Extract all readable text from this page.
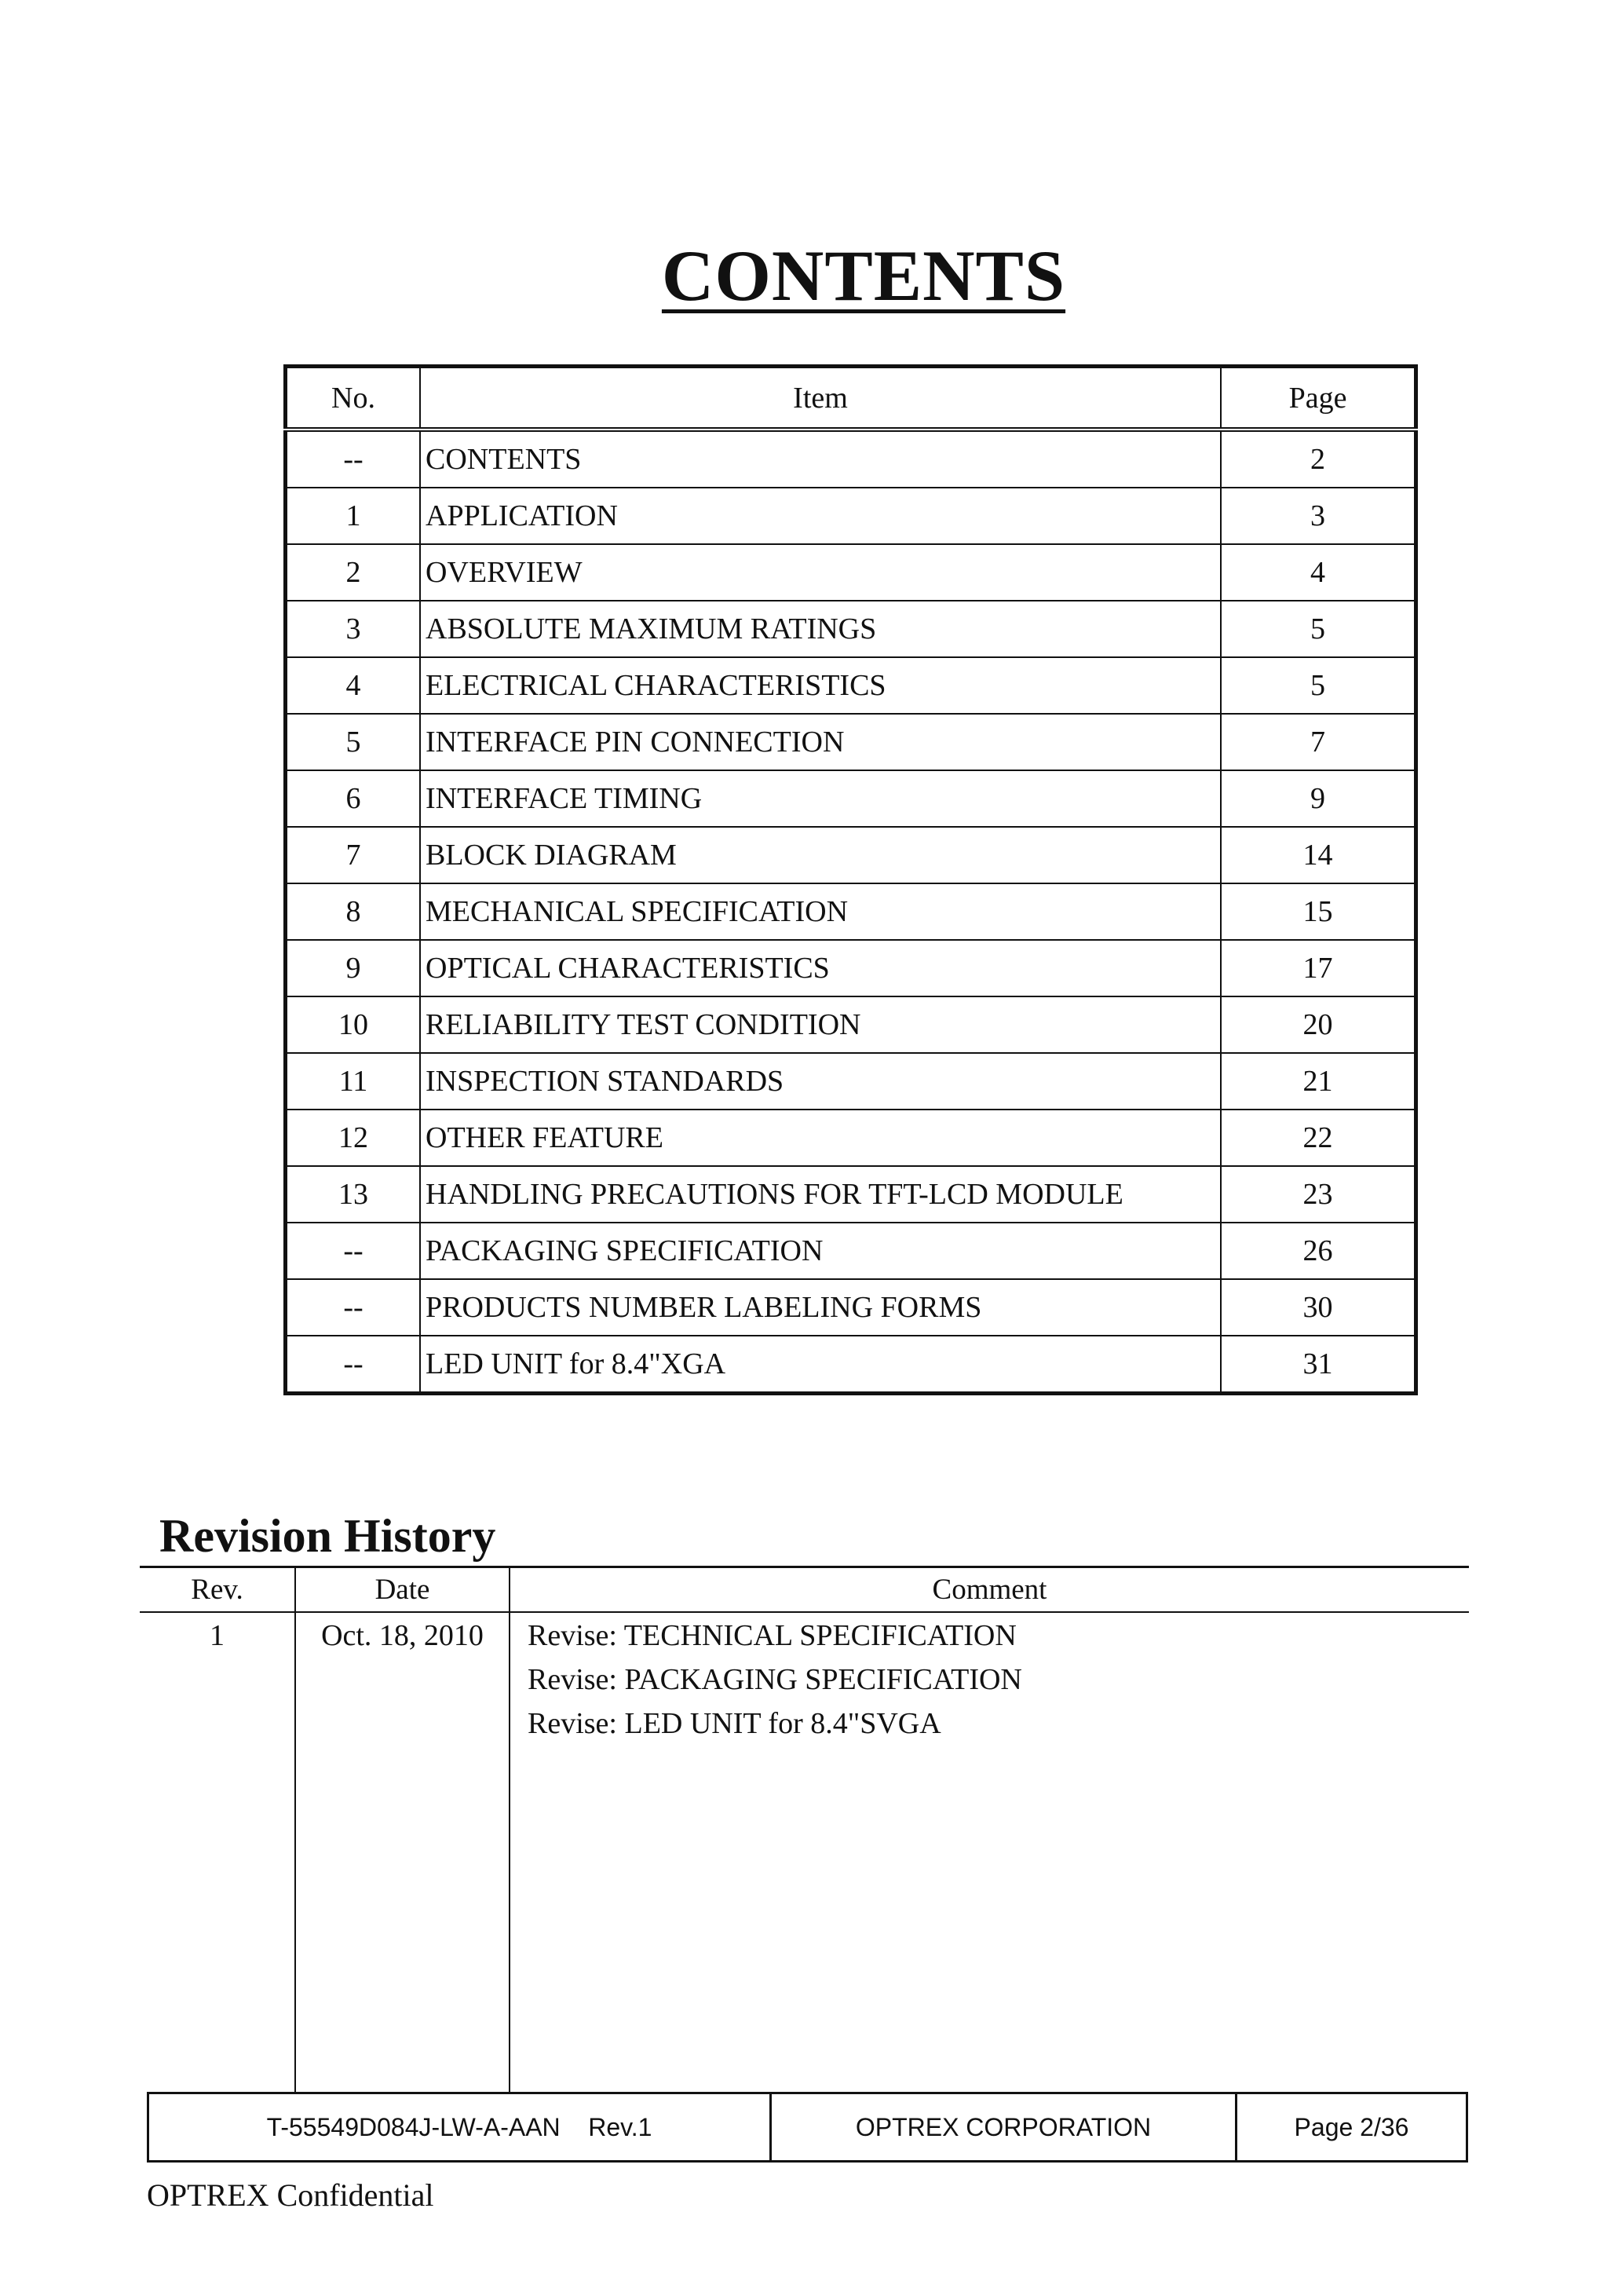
CONTENTS
No.	Item	Page
--	CONTENTS	2
1	APPLICATION	3
2	OVERVIEW	4
3	ABSOLUTE MAXIMUM RATINGS	5
4	ELECTRICAL CHARACTERISTICS	5
5	INTERFACE PIN CONNECTION	7
6	INTERFACE TIMING	9
7	BLOCK DIAGRAM	14
8	MECHANICAL SPECIFICATION	15
9	OPTICAL CHARACTERISTICS	17
10	RELIABILITY TEST CONDITION	20
11	INSPECTION STANDARDS	21
12	OTHER FEATURE	22
13	HANDLING PRECAUTIONS FOR TFT-LCD MODULE	23
--	PACKAGING SPECIFICATION	26
--	PRODUCTS NUMBER LABELING FORMS	30
--	LED UNIT for 8.4"XGA	31
Revision History
Rev.	Date	Comment
1	Oct. 18, 2010	Revise: TECHNICAL SPECIFICATION
Revise: PACKAGING SPECIFICATION
Revise: LED UNIT for 8.4"SVGA
T-55549D084J-LW-A-AAN    Rev.1	OPTREX CORPORATION	Page 2/36
OPTREX Confidential
